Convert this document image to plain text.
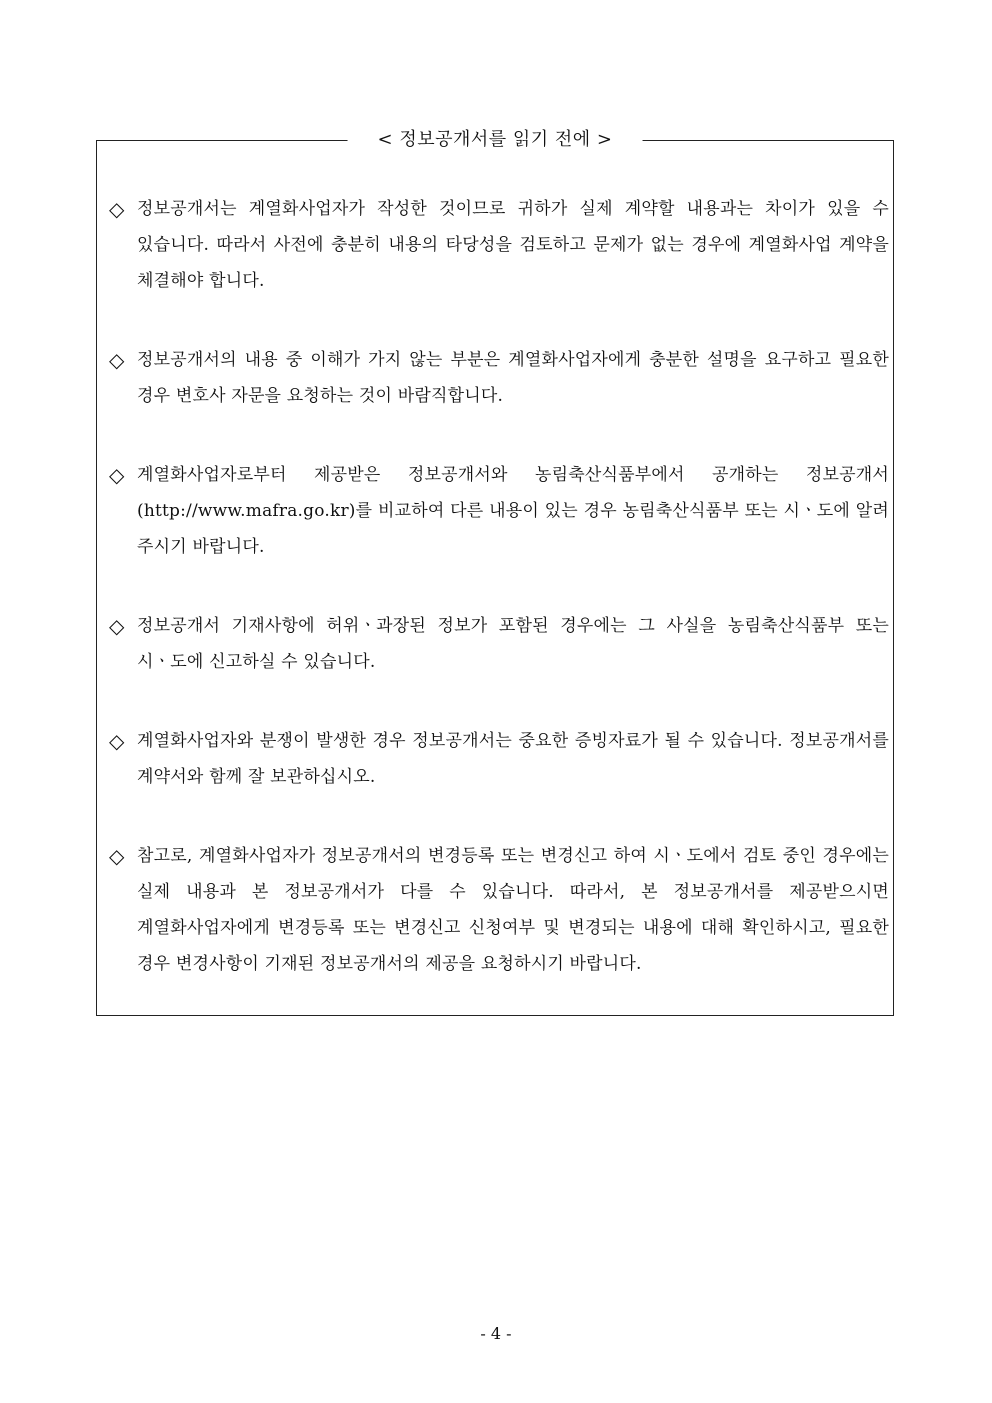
< 정보공개서를 읽기 전에 >
◇ 정보공개서는 계열화사업자가 작성한 것이므로 귀하가 실제 계약할 내용과는 차이가 있을 수 있습니다. 따라서 사전에 충분히 내용의 타당성을 검토하고 문제가 없는 경우에 계열화사업 계약을 체결해야 합니다.
◇ 정보공개서의 내용 중 이해가 가지 않는 부분은 계열화사업자에게 충분한 설명을 요구하고 필요한 경우 변호사 자문을 요청하는 것이 바람직합니다.
◇ 계열화사업자로부터 제공받은 정보공개서와 농림축산식품부에서 공개하는 정보공개서(http://www.mafra.go.kr)를 비교하여 다른 내용이 있는 경우 농림축산식품부 또는 시ㆍ도에 알려 주시기 바랍니다.
◇ 정보공개서 기재사항에 허위ㆍ과장된 정보가 포함된 경우에는 그 사실을 농림축산식품부 또는 시ㆍ도에 신고하실 수 있습니다.
◇ 계열화사업자와 분쟁이 발생한 경우 정보공개서는 중요한 증빙자료가 될 수 있습니다. 정보공개서를 계약서와 함께 잘 보관하십시오.
◇ 참고로, 계열화사업자가 정보공개서의 변경등록 또는 변경신고 하여 시ㆍ도에서 검토 중인 경우에는 실제 내용과 본 정보공개서가 다를 수 있습니다. 따라서, 본 정보공개서를 제공받으시면 계열화사업자에게 변경등록 또는 변경신고 신청여부 및 변경되는 내용에 대해 확인하시고, 필요한 경우 변경사항이 기재된 정보공개서의 제공을 요청하시기 바랍니다.
- 4 -
